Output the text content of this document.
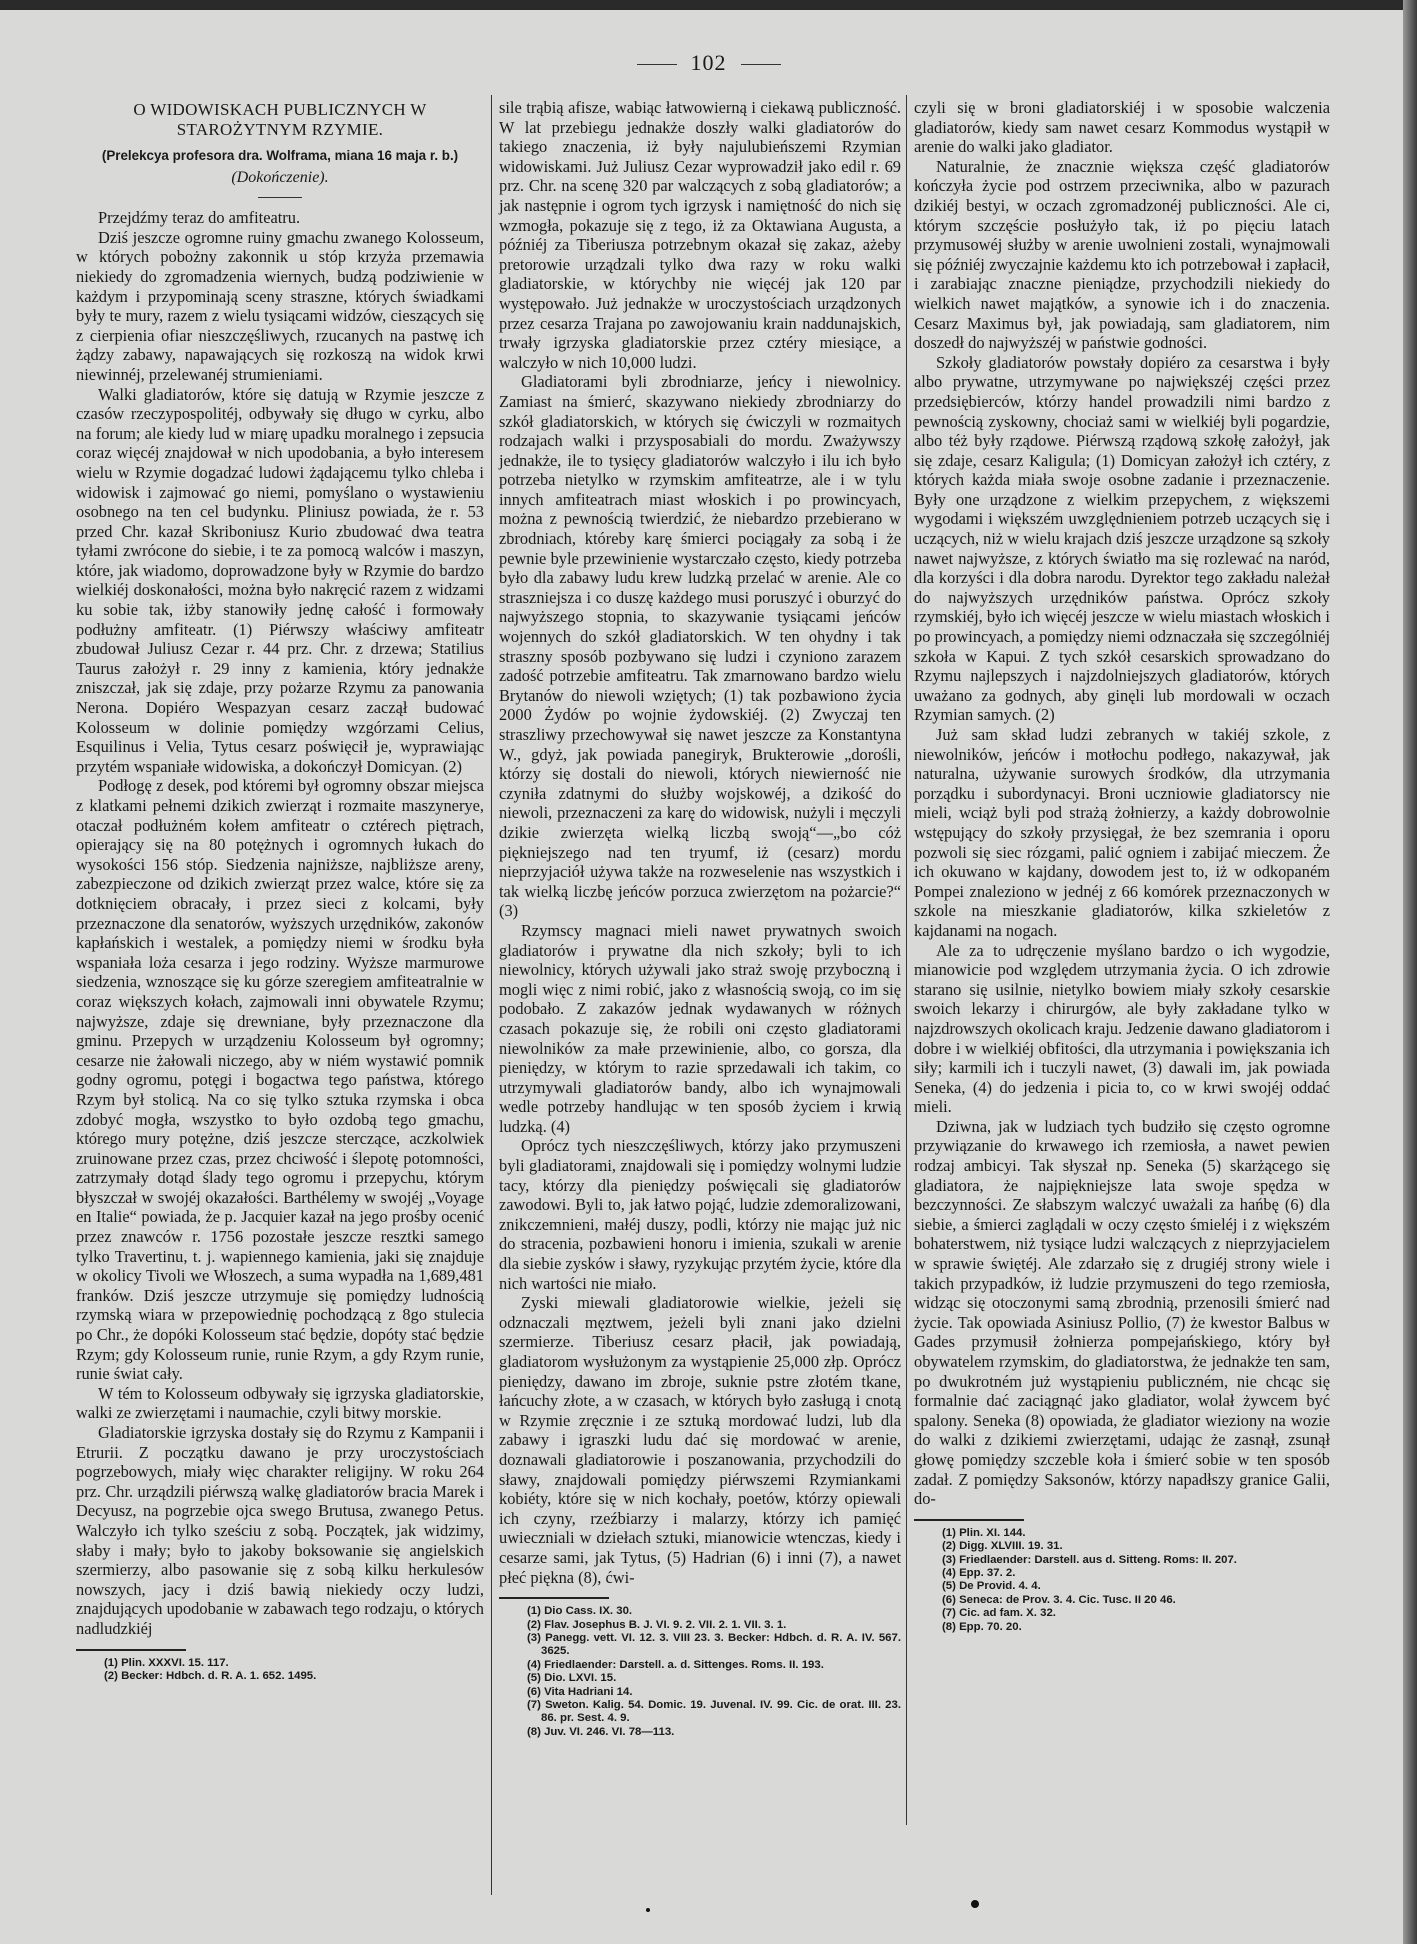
102

O WIDOWISKACH PUBLICZNYCH W STAROŻYTNYM RZYMIE.

(Prelekcya profesora dra. Wolframa, miana 16 maja r. b.)

(Dokończenie).

Przejdźmy teraz do amfiteatru.

Dziś jeszcze ogromne ruiny gmachu zwanego Kolosseum, w których pobożny zakonnik u stóp krzyża przemawia niekiedy do zgromadzenia wiernych, budzą podziwienie w każdym i przypominają sceny straszne, których świadkami były te mury, razem z wielu tysiącami widzów, cieszących się z cierpienia ofiar nieszczęśliwych, rzucanych na pastwę ich żądzy zabawy, napawających się rozkoszą na widok krwi niewinnéj, przelewanéj strumieniami.

Walki gladiatorów, które się datują w Rzymie jeszcze z czasów rzeczypospolitéj, odbywały się długo w cyrku, albo na forum; ale kiedy lud w miarę upadku moralnego i zepsucia coraz więcéj znajdował w nich upodobania, a było interesem wielu w Rzymie dogadzać ludowi żądającemu tylko chleba i widowisk i zajmować go niemi, pomyślano o wystawieniu osobnego na ten cel budynku. Pliniusz powiada, że r. 53 przed Chr. kazał Skriboniusz Kurio zbudować dwa teatra tyłami zwrócone do siebie, i te za pomocą walców i maszyn, które, jak wiadomo, doprowadzone były w Rzymie do bardzo wielkiéj doskonałości, można było nakręcić razem z widzami ku sobie tak, iżby stanowiły jednę całość i formowały podłużny amfiteatr. (1) Piérwszy właściwy amfiteatr zbudował Juliusz Cezar r. 44 prz. Chr. z drzewa; Statilius Taurus założył r. 29 inny z kamienia, który jednakże zniszczał, jak się zdaje, przy pożarze Rzymu za panowania Nerona. Dopiéro Wespazyan cesarz zaczął budować Kolosseum w dolinie pomiędzy wzgórzami Celius, Esquilinus i Velia, Tytus cesarz poświęcił je, wyprawiając przytém wspaniałe widowiska, a dokończył Domicyan. (2)

Podłogę z desek, pod któremi był ogromny obszar miejsca z klatkami pełnemi dzikich zwierząt i rozmaite maszynerye, otaczał podłużném kołem amfiteatr o cztérech piętrach, opierający się na 80 potężnych i ogromnych łukach do wysokości 156 stóp. Siedzenia najniższe, najbliższe areny, zabezpieczone od dzikich zwierząt przez walce, które się za dotknięciem obracały, i przez sieci z kolcami, były przeznaczone dla senatorów, wyższych urzędników, zakonów kapłańskich i westalek, a pomiędzy niemi w środku była wspaniała loża cesarza i jego rodziny. Wyższe marmurowe siedzenia, wznoszące się ku górze szeregiem amfiteatralnie w coraz większych kołach, zajmowali inni obywatele Rzymu; najwyższe, zdaje się drewniane, były przeznaczone dla gminu. Przepych w urządzeniu Kolosseum był ogromny; cesarze nie żałowali niczego, aby w niém wystawić pomnik godny ogromu, potęgi i bogactwa tego państwa, którego Rzym był stolicą. Na co się tylko sztuka rzymska i obca zdobyć mogła, wszystko to było ozdobą tego gmachu, którego mury potężne, dziś jeszcze sterczące, aczkolwiek zruinowane przez czas, przez chciwość i ślepotę potomności, zatrzymały dotąd ślady tego ogromu i przepychu, którym błyszczał w swojéj okazałości. Barthélemy w swojéj „Voyage en Italie“ powiada, że p. Jacquier kazał na jego prośby ocenić przez znawców r. 1756 pozostałe jeszcze resztki samego tylko Travertinu, t. j. wapiennego kamienia, jaki się znajduje w okolicy Tivoli we Włoszech, a suma wypadła na 1,689,481 franków. Dziś jeszcze utrzymuje się pomiędzy ludnością rzymską wiara w przepowiednię pochodzącą z 8go stulecia po Chr., że dopóki Kolosseum stać będzie, dopóty stać będzie Rzym; gdy Kolosseum runie, runie Rzym, a gdy Rzym runie, runie świat cały.

W tém to Kolosseum odbywały się igrzyska gladiatorskie, walki ze zwierzętami i naumachie, czyli bitwy morskie.

Gladiatorskie igrzyska dostały się do Rzymu z Kampanii i Etrurii. Z początku dawano je przy uroczystościach pogrzebowych, miały więc charakter religijny. W roku 264 prz. Chr. urządzili piérwszą walkę gladiatorów bracia Marek i Decyusz, na pogrzebie ojca swego Brutusa, zwanego Petus. Walczyło ich tylko sześciu z sobą. Początek, jak widzimy, słaby i mały; było to jakoby boksowanie się angielskich szermierzy, albo pasowanie się z sobą kilku herkulesów nowszych, jacy i dziś bawią niekiedy oczy ludzi, znajdujących upodobanie w zabawach tego rodzaju, o których nadludzkiéj

(1) Plin. XXXVI. 15. 117.
(2) Becker: Hdbch. d. R. A. 1. 652. 1495.

sile trąbią afisze, wabiąc łatwowierną i ciekawą publiczność. W lat przebiegu jednakże doszły walki gladiatorów do takiego znaczenia, iż były najulubieńszemi Rzymian widowiskami. Już Juliusz Cezar wyprowadził jako edil r. 69 prz. Chr. na scenę 320 par walczących z sobą gladiatorów; a jak następnie i ogrom tych igrzysk i namiętność do nich się wzmogła, pokazuje się z tego, iż za Oktawiana Augusta, a późniéj za Tiberiusza potrzebnym okazał się zakaz, ażeby pretorowie urządzali tylko dwa razy w roku walki gladiatorskie, w którychby nie więcéj jak 120 par występowało. Już jednakże w uroczystościach urządzonych przez cesarza Trajana po zawojowaniu krain naddunajskich, trwały igrzyska gladiatorskie przez cztéry miesiące, a walczyło w nich 10,000 ludzi.

Gladiatorami byli zbrodniarze, jeńcy i niewolnicy. Zamiast na śmierć, skazywano niekiedy zbrodniarzy do szkół gladiatorskich, w których się ćwiczyli w rozmaitych rodzajach walki i przysposabiali do mordu. Zważywszy jednakże, ile to tysięcy gladiatorów walczyło i ilu ich było potrzeba nietylko w rzymskim amfiteatrze, ale i w tylu innych amfiteatrach miast włoskich i po prowincyach, można z pewnością twierdzić, że niebardzo przebierano w zbrodniach, któreby karę śmierci pociągały za sobą i że pewnie byle przewinienie wystarczało często, kiedy potrzeba było dla zabawy ludu krew ludzką przelać w arenie. Ale co straszniejsza i co duszę każdego musi poruszyć i oburzyć do najwyższego stopnia, to skazywanie tysiącami jeńców wojennych do szkół gladiatorskich. W ten ohydny i tak straszny sposób pozbywano się ludzi i czyniono zarazem zadość potrzebie amfiteatru. Tak zmarnowano bardzo wielu Brytanów do niewoli wziętych; (1) tak pozbawiono życia 2000 Żydów po wojnie żydowskiéj. (2) Zwyczaj ten straszliwy przechowywał się nawet jeszcze za Konstantyna W., gdyż, jak powiada panegiryk, Brukterowie „dorośli, którzy się dostali do niewoli, których niewierność nie czyniła zdatnymi do służby wojskowéj, a dzikość do niewoli, przeznaczeni za karę do widowisk, nużyli i męczyli dzikie zwierzęta wielką liczbą swoją“—„bo cóż piękniejszego nad ten tryumf, iż (cesarz) mordu nieprzyjaciół używa także na rozweselenie nas wszystkich i tak wielką liczbę jeńców porzuca zwierzętom na pożarcie?“ (3)

Rzymscy magnaci mieli nawet prywatnych swoich gladiatorów i prywatne dla nich szkoły; byli to ich niewolnicy, których używali jako straż swoję przyboczną i mogli więc z nimi robić, jako z własnością swoją, co im się podobało. Z zakazów jednak wydawanych w różnych czasach pokazuje się, że robili oni często gladiatorami niewolników za małe przewinienie, albo, co gorsza, dla pieniędzy, w którym to razie sprzedawali ich takim, co utrzymywali gladiatorów bandy, albo ich wynajmowali wedle potrzeby handlując w ten sposób życiem i krwią ludzką. (4)

Oprócz tych nieszczęśliwych, którzy jako przymuszeni byli gladiatorami, znajdowali się i pomiędzy wolnymi ludzie tacy, którzy dla pieniędzy poświęcali się gladiatorów zawodowi. Byli to, jak łatwo pojąć, ludzie zdemoralizowani, znikczemnieni, małéj duszy, podli, którzy nie mając już nic do stracenia, pozbawieni honoru i imienia, szukali w arenie dla siebie zysków i sławy, ryzykując przytém życie, które dla nich wartości nie miało.

Zyski miewali gladiatorowie wielkie, jeżeli się odznaczali męztwem, jeżeli byli znani jako dzielni szermierze. Tiberiusz cesarz płacił, jak powiadają, gladiatorom wysłużonym za wystąpienie 25,000 złp. Oprócz pieniędzy, dawano im zbroje, suknie pstre złotém tkane, łańcuchy złote, a w czasach, w których było zasługą i cnotą w Rzymie zręcznie i ze sztuką mordować ludzi, lub dla zabawy i igraszki ludu dać się mordować w arenie, doznawali gladiatorowie i poszanowania, przychodzili do sławy, znajdowali pomiędzy piérwszemi Rzymiankami kobiéty, które się w nich kochały, poetów, którzy opiewali ich czyny, rzeźbiarzy i malarzy, którzy ich pamięć uwieczniali w dziełach sztuki, mianowicie wtenczas, kiedy i cesarze sami, jak Tytus, (5) Hadrian (6) i inni (7), a nawet płeć piękna (8), ćwi-

(1) Dio Cass. IX. 30.
(2) Flav. Josephus B. J. VI. 9. 2. VII. 2. 1. VII. 3. 1.
(3) Panegg. vett. VI. 12. 3. VIII 23. 3. Becker: Hdbch. d. R. A. IV. 567. 3625.
(4) Friedlaender: Darstell. a. d. Sittenges. Roms. II. 193.
(5) Dio. LXVI. 15.
(6) Vita Hadriani 14.
(7) Sweton. Kalig. 54. Domic. 19. Juvenal. IV. 99. Cic. de orat. III. 23. 86. pr. Sest. 4. 9.
(8) Juv. VI. 246. VI. 78—113.

czyli się w broni gladiatorskiéj i w sposobie walczenia gladiatorów, kiedy sam nawet cesarz Kommodus wystąpił w arenie do walki jako gladiator.

Naturalnie, że znacznie większa część gladiatorów kończyła życie pod ostrzem przeciwnika, albo w pazurach dzikiéj bestyi, w oczach zgromadzonéj publiczności. Ale ci, którym szczęście posłużyło tak, iż po pięciu latach przymusowéj służby w arenie uwolnieni zostali, wynajmowali się późniéj zwyczajnie każdemu kto ich potrzebował i zapłacił, i zarabiając znaczne pieniądze, przychodzili niekiedy do wielkich nawet majątków, a synowie ich i do znaczenia. Cesarz Maximus był, jak powiadają, sam gladiatorem, nim doszedł do najwyższéj w państwie godności.

Szkoły gladiatorów powstały dopiéro za cesarstwa i były albo prywatne, utrzymywane po największéj części przez przedsiębierców, którzy handel prowadzili nimi bardzo z pewnością zyskowny, chociaż sami w wielkiéj byli pogardzie, albo téż były rządowe. Piérwszą rządową szkołę założył, jak się zdaje, cesarz Kaligula; (1) Domicyan założył ich cztéry, z których każda miała swoje osobne zadanie i przeznaczenie. Były one urządzone z wielkim przepychem, z większemi wygodami i większém uwzględnieniem potrzeb uczących się i uczących, niż w wielu krajach dziś jeszcze urządzone są szkoły nawet najwyższe, z których światło ma się rozlewać na naród, dla korzyści i dla dobra narodu. Dyrektor tego zakładu należał do najwyższych urzędników państwa. Oprócz szkoły rzymskiéj, było ich więcéj jeszcze w wielu miastach włoskich i po prowincyach, a pomiędzy niemi odznaczała się szczególniéj szkoła w Kapui. Z tych szkół cesarskich sprowadzano do Rzymu najlepszych i najzdolniejszych gladiatorów, których uważano za godnych, aby ginęli lub mordowali w oczach Rzymian samych. (2)

Już sam skład ludzi zebranych w takiéj szkole, z niewolników, jeńców i motłochu podłego, nakazywał, jak naturalna, używanie surowych środków, dla utrzymania porządku i subordynacyi. Broni uczniowie gladiatorscy nie mieli, wciąż byli pod strażą żołnierzy, a każdy dobrowolnie wstępujący do szkoły przysięgał, że bez szemrania i oporu pozwoli się siec rózgami, palić ogniem i zabijać mieczem. Że ich okuwano w kajdany, dowodem jest to, iż w odkopaném Pompei znaleziono w jednéj z 66 komórek przeznaczonych w szkole na mieszkanie gladiatorów, kilka szkieletów z kajdanami na nogach.

Ale za to udręczenie myślano bardzo o ich wygodzie, mianowicie pod względem utrzymania życia. O ich zdrowie starano się usilnie, nietylko bowiem miały szkoły cesarskie swoich lekarzy i chirurgów, ale były zakładane tylko w najzdrowszych okolicach kraju. Jedzenie dawano gladiatorom i dobre i w wielkiéj obfitości, dla utrzymania i powiększania ich siły; karmili ich i tuczyli nawet, (3) dawali im, jak powiada Seneka, (4) do jedzenia i picia to, co w krwi swojéj oddać mieli.

Dziwna, jak w ludziach tych budziło się często ogromne przywiązanie do krwawego ich rzemiosła, a nawet pewien rodzaj ambicyi. Tak słyszał np. Seneka (5) skarżącego się gladiatora, że najpiękniejsze lata swoje spędza w bezczynności. Ze słabszym walczyć uważali za hańbę (6) dla siebie, a śmierci zaglądali w oczy często śmieléj i z większém bohaterstwem, niż tysiące ludzi walczących z nieprzyjacielem w sprawie świętéj. Ale zdarzało się z drugiéj strony wiele i takich przypadków, iż ludzie przymuszeni do tego rzemiosła, widząc się otoczonymi samą zbrodnią, przenosili śmierć nad życie. Tak opowiada Asiniusz Pollio, (7) że kwestor Balbus w Gades przymusił żołnierza pompejańskiego, który był obywatelem rzymskim, do gladiatorstwa, że jednakże ten sam, po dwukrotném już wystąpieniu publiczném, nie chcąc się formalnie dać zaciągnąć jako gladiator, wolał żywcem być spalony. Seneka (8) opowiada, że gladiator wieziony na wozie do walki z dzikiemi zwierzętami, udając że zasnął, zsunął głowę pomiędzy szczeble koła i śmierć sobie w ten sposób zadał. Z pomiędzy Saksonów, którzy napadłszy granice Galii, do-

(1) Plin. XI. 144.
(2) Digg. XLVIII. 19. 31.
(3) Friedlaender: Darstell. aus d. Sitteng. Roms: II. 207.
(4) Epp. 37. 2.
(5) De Provid. 4. 4.
(6) Seneca: de Prov. 3. 4. Cic. Tusc. II 20 46.
(7) Cic. ad fam. X. 32.
(8) Epp. 70. 20.
